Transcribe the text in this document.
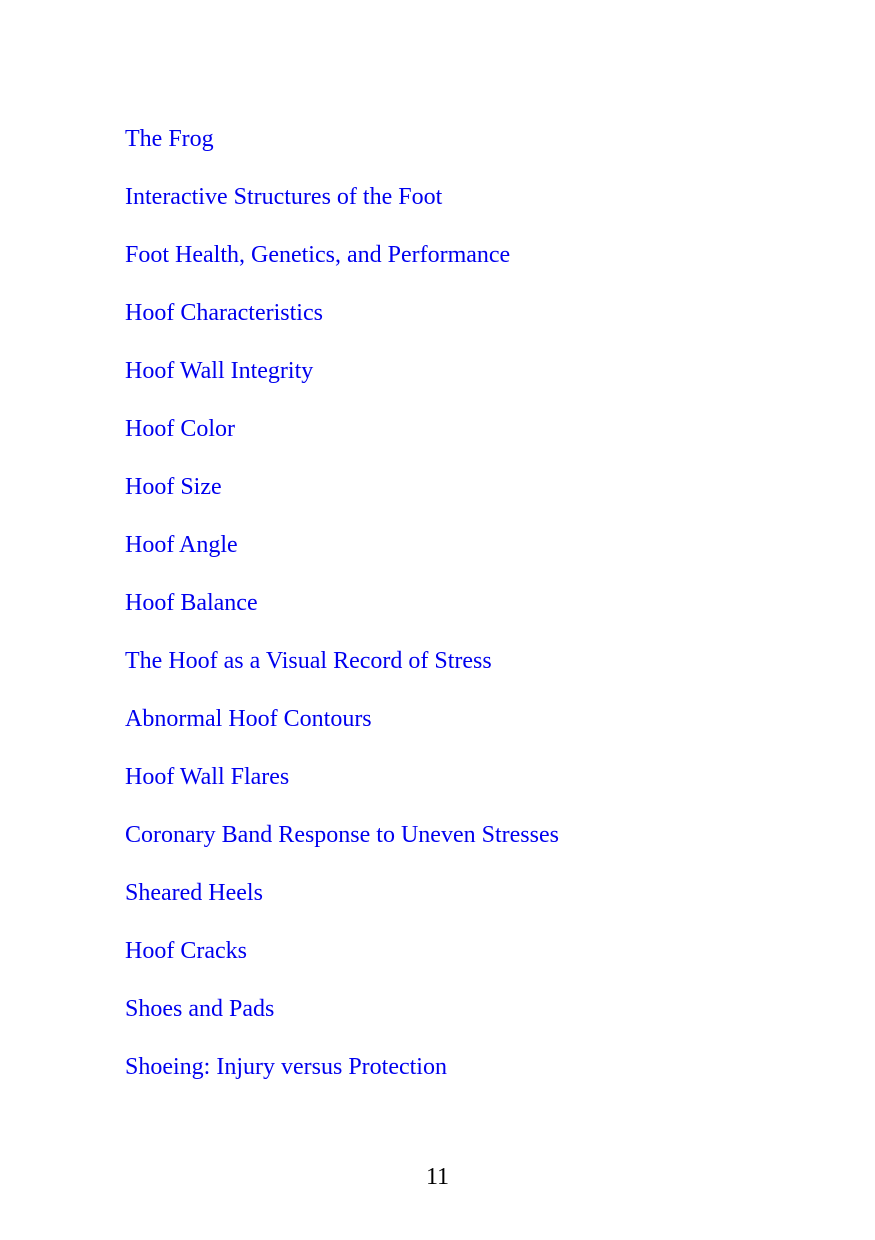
The Frog
Interactive Structures of the Foot
Foot Health, Genetics, and Performance
Hoof Characteristics
Hoof Wall Integrity
Hoof Color
Hoof Size
Hoof Angle
Hoof Balance
The Hoof as a Visual Record of Stress
Abnormal Hoof Contours
Hoof Wall Flares
Coronary Band Response to Uneven Stresses
Sheared Heels
Hoof Cracks
Shoes and Pads
Shoeing: Injury versus Protection
11
